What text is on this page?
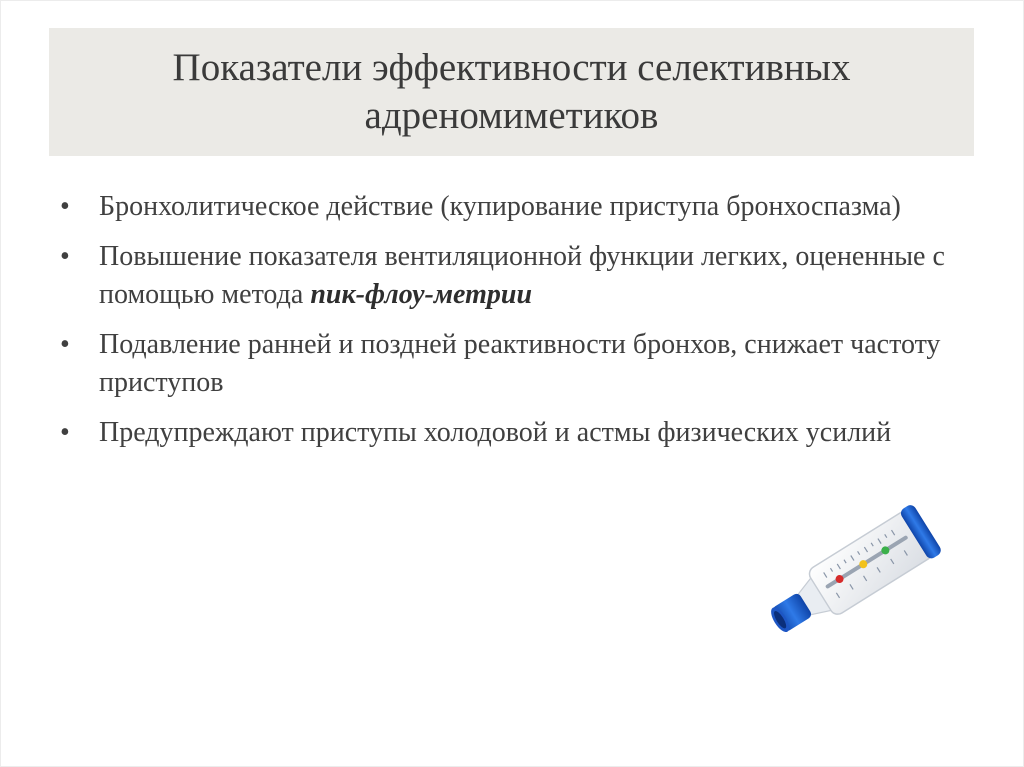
Показатели эффективности селективных адреномиметиков
• Бронхолитическое действие (купирование приступа бронхоспазма)
• Повышение показателя вентиляционной функции легких, оцененные с помощью метода пик-флоу-метрии
• Подавление ранней и поздней реактивности бронхов, снижает частоту приступов
• Предупреждают приступы холодовой и астмы физических усилий
